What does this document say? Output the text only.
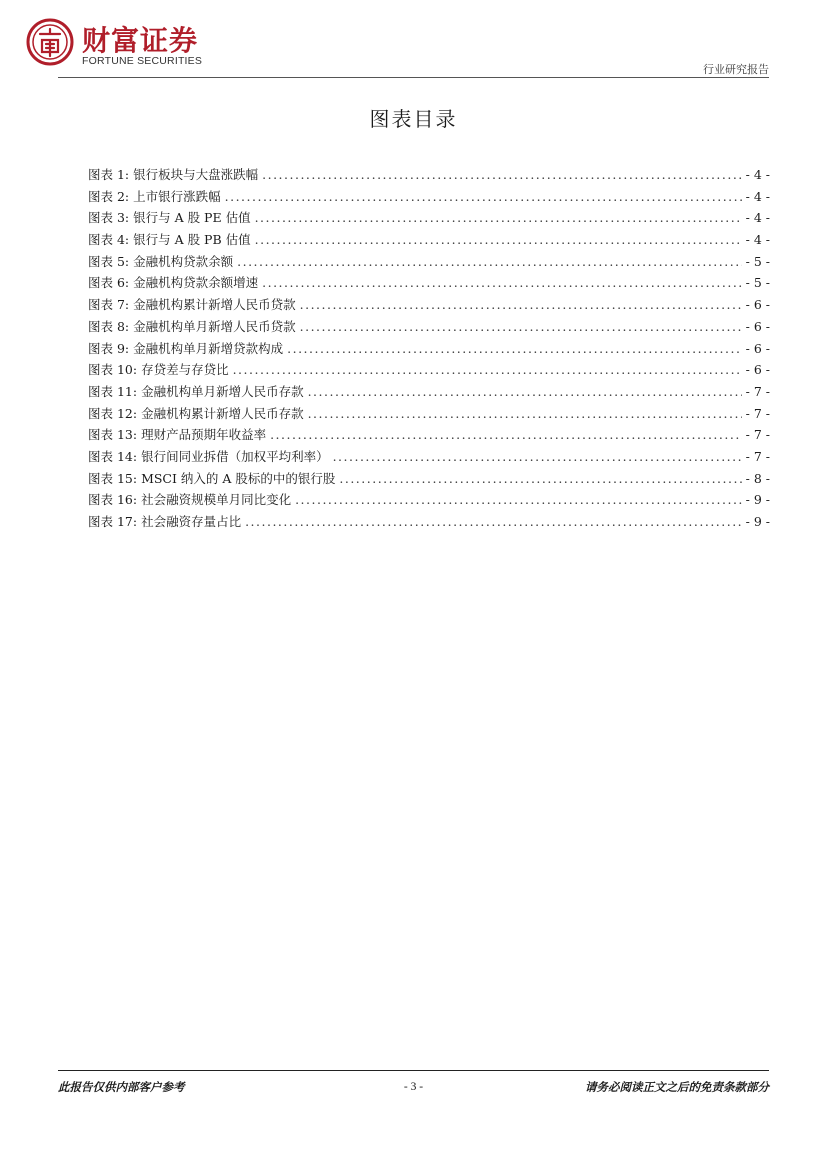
财富证券
FORTUNE SECURITIES
行业研究报告
图表目录
图表 1: 银行板块与大盘涨跌幅 .....	- 4 -
图表 2: 上市银行涨跌幅 .....	- 4 -
图表 3: 银行与 A 股 PE 估值 .....	- 4 -
图表 4: 银行与 A 股 PB 估值 .....	- 4 -
图表 5: 金融机构贷款余额 .....	- 5 -
图表 6: 金融机构贷款余额增速 .....	- 5 -
图表 7: 金融机构累计新增人民币贷款 .....	- 6 -
图表 8: 金融机构单月新增人民币贷款 .....	- 6 -
图表 9: 金融机构单月新增贷款构成 .....	- 6 -
图表 10: 存贷差与存贷比 .....	- 6 -
图表 11: 金融机构单月新增人民币存款 .....	- 7 -
图表 12: 金融机构累计新增人民币存款 .....	- 7 -
图表 13: 理财产品预期年收益率 .....	- 7 -
图表 14: 银行间同业拆借（加权平均利率） .....	- 7 -
图表 15: MSCI 纳入的 A 股标的中的银行股 .....	- 8 -
图表 16: 社会融资规模单月同比变化 .....	- 9 -
图表 17: 社会融资存量占比 .....	- 9 -
此报告仅供内部客户参考	- 3 -	请务必阅读正文之后的免责条款部分
